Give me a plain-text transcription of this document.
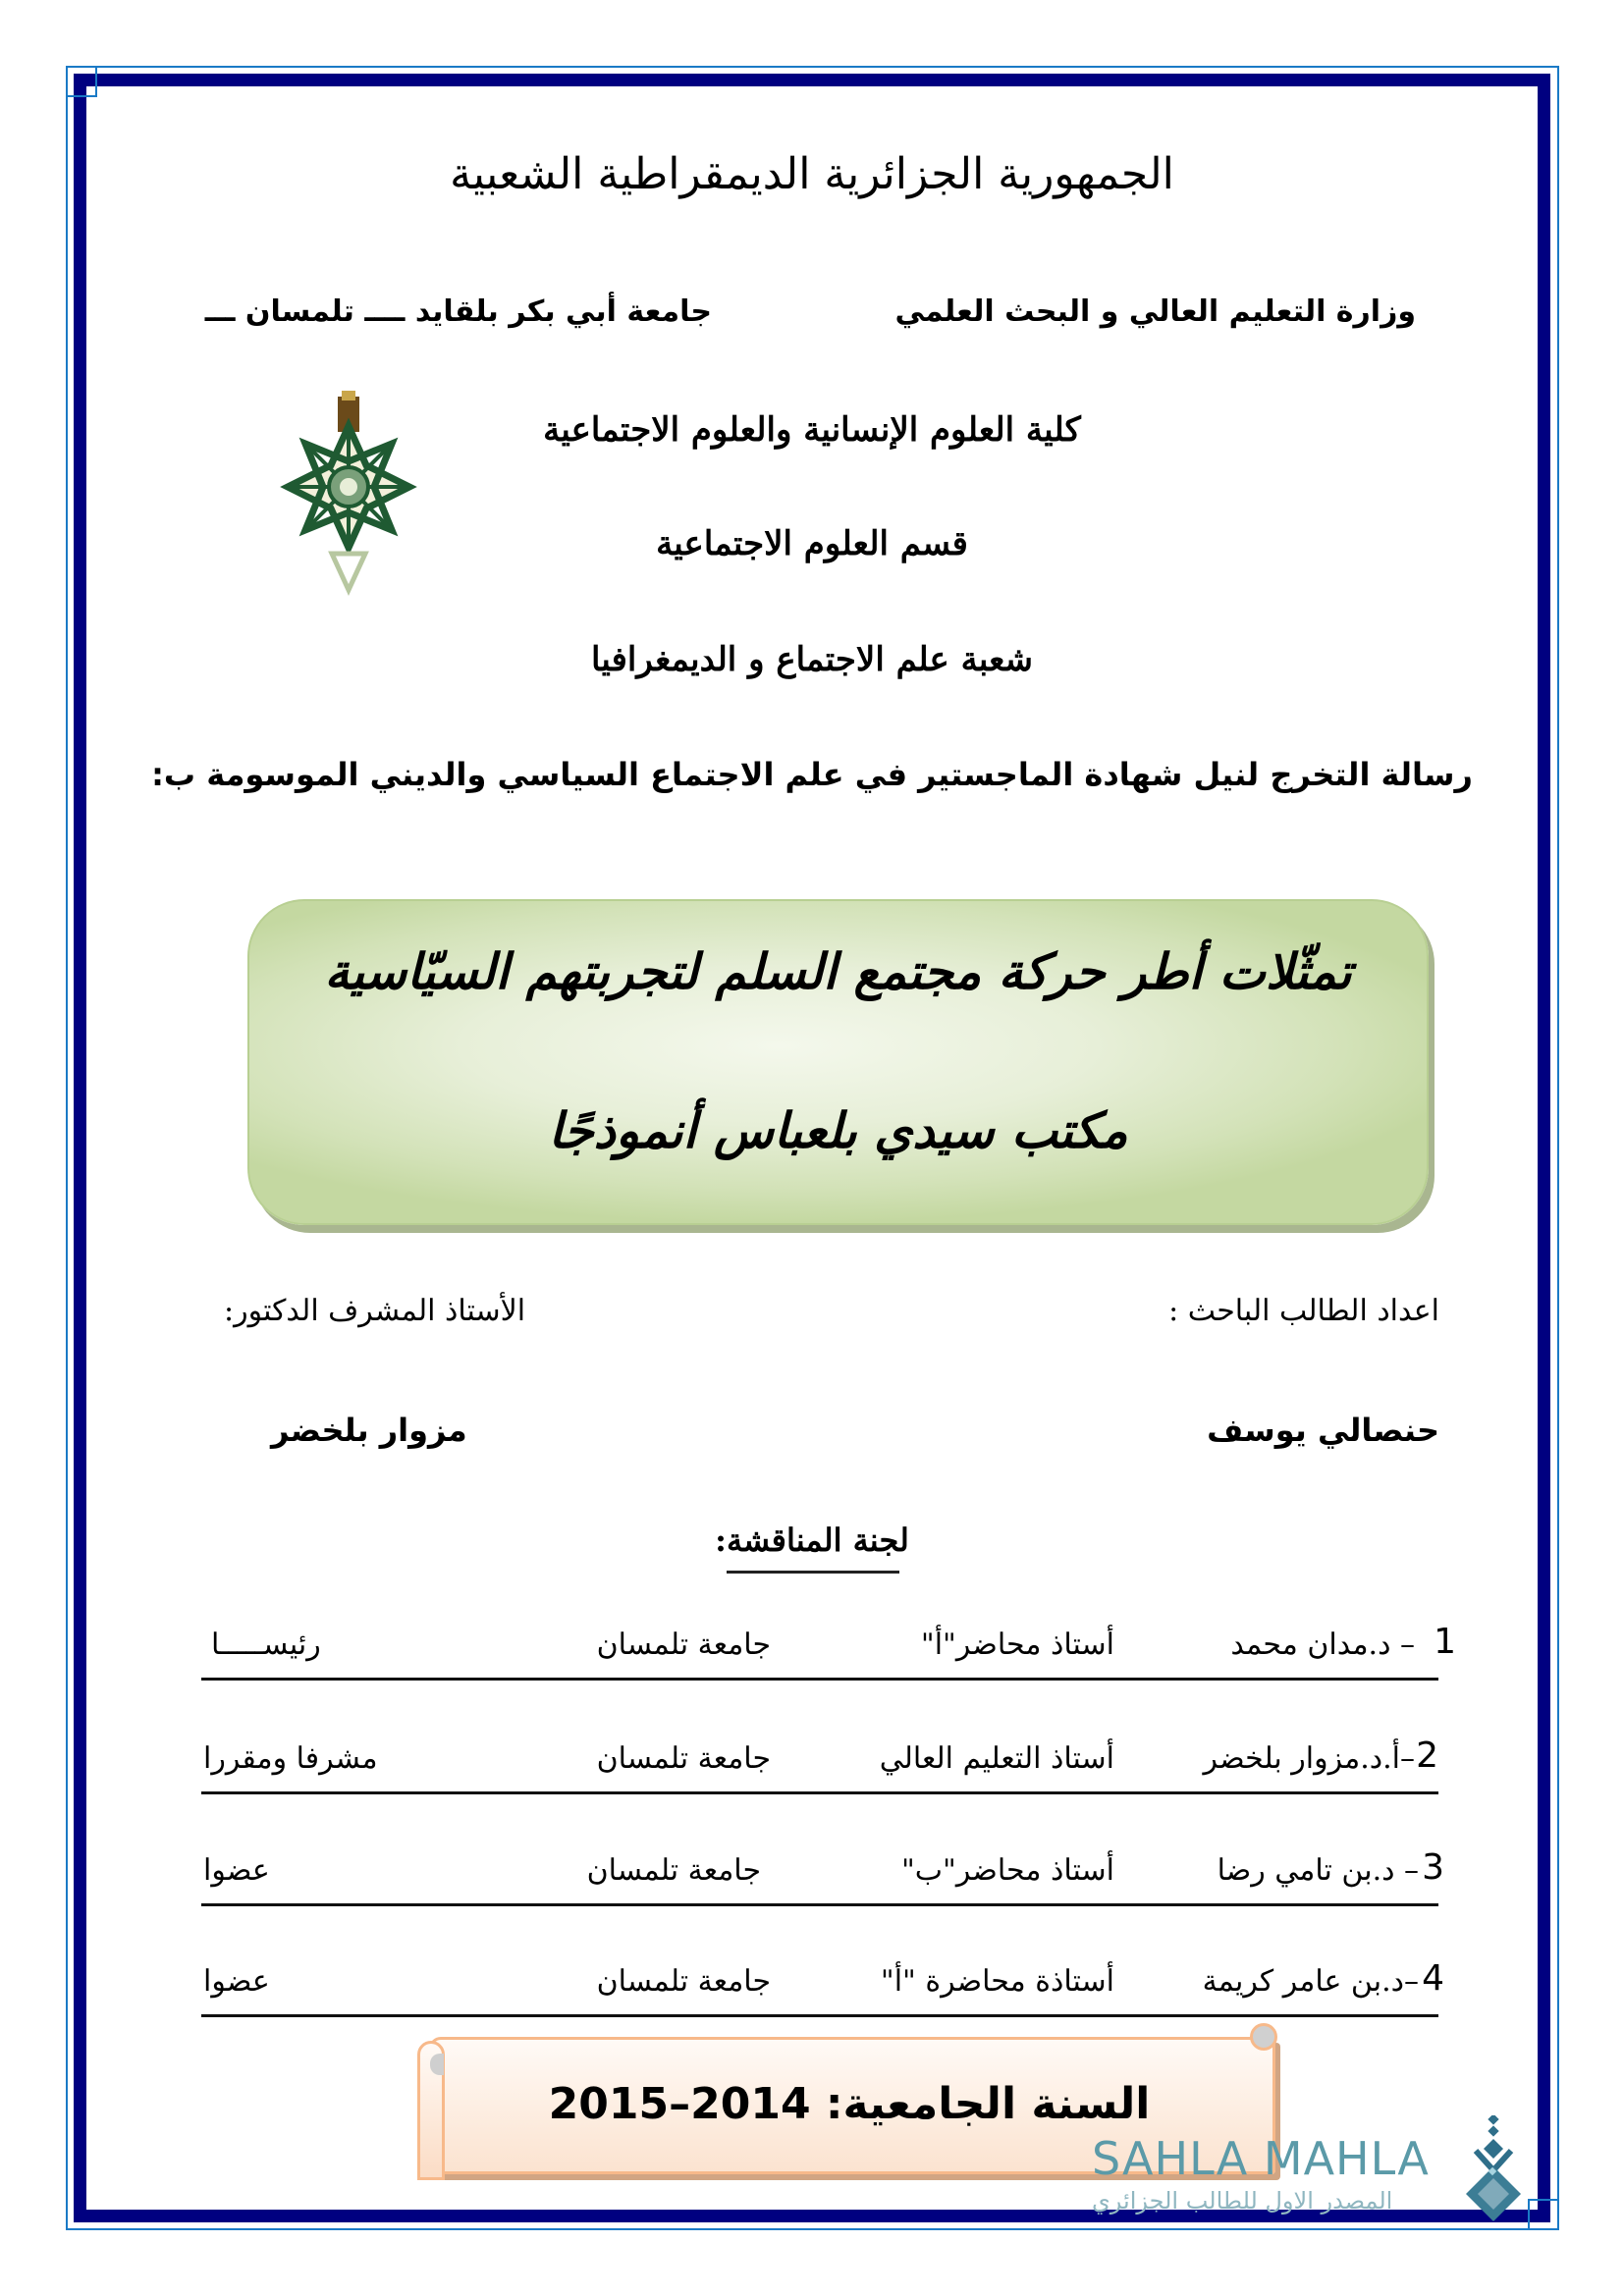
الجمهورية الجزائرية الديمقراطية الشعبية
وزارة التعليم العالي و البحث العلمي
جامعة أبي بكر بلقايد ــــ تلمسان ـــ
كلية العلوم الإنسانية والعلوم الاجتماعية
قسم العلوم الاجتماعية
شعبة علم الاجتماع و الديمغرافيا
رسالة التخرج لنيل شهادة الماجستير في علم الاجتماع السياسي والديني الموسومة ب:
تمثّلات أطر حركة مجتمع السلم لتجربتهم السيّاسية
مكتب سيدي بلعباس أنموذجًا
اعداد الطالب الباحث :
الأستاذ المشرف الدكتور:
حنصالي يوسف
مزوار بلخضر
لجنة المناقشة:
1
– د.مدان محمد
أستاذ محاضر"أ"
جامعة تلمسان
رئيســـــا
2
–أ.د.مزوار بلخضر
أستاذ التعليم العالي
جامعة تلمسان
مشرفا ومقررا
3
– د.بن تامي رضا
أستاذ محاضر"ب"
جامعة تلمسان
عضوا
4
–د.بن عامر كريمة
أستاذة محاضرة "أ"
جامعة تلمسان
عضوا
السنة الجامعية: 2014–2015
SAHLA MAHLA
المصدر الاول للطالب الجزائري
